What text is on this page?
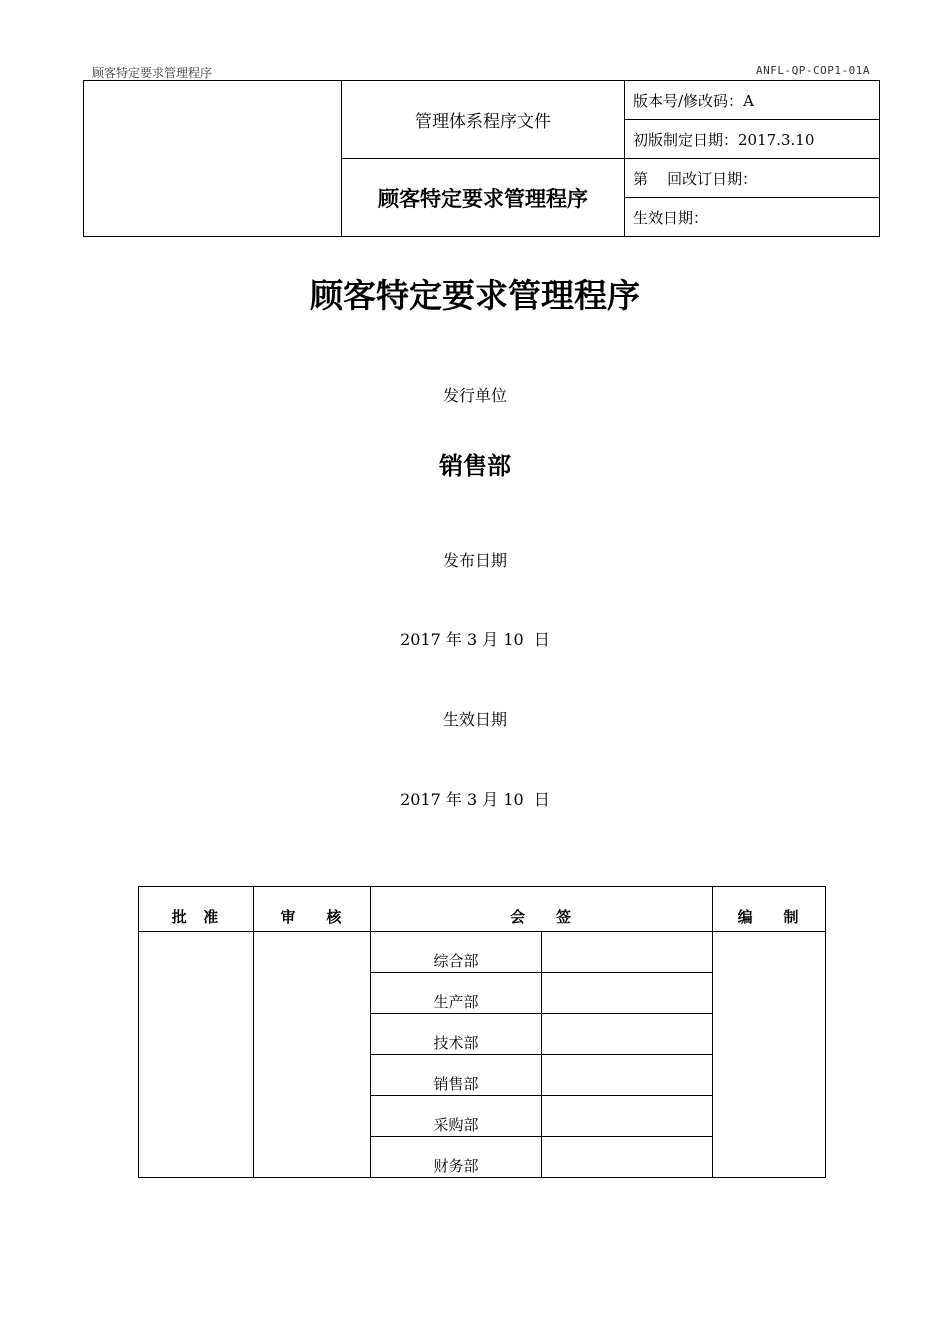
顾客特定要求管理程序	ANFL-QP-COP1-01A
	管理体系程序文件	版本号/修改码：A
		初版制定日期：2017.3.10
	顾客特定要求管理程序	第    回改订日期：
		生效日期：
顾客特定要求管理程序
发行单位
销售部
发布日期
2017 年 3 月 10  日
生效日期
2017 年 3 月 10  日
批  准	审    核	会    签		编    制
		综合部		
		生产部		
		技术部		
		销售部		
		采购部		
		财务部		
